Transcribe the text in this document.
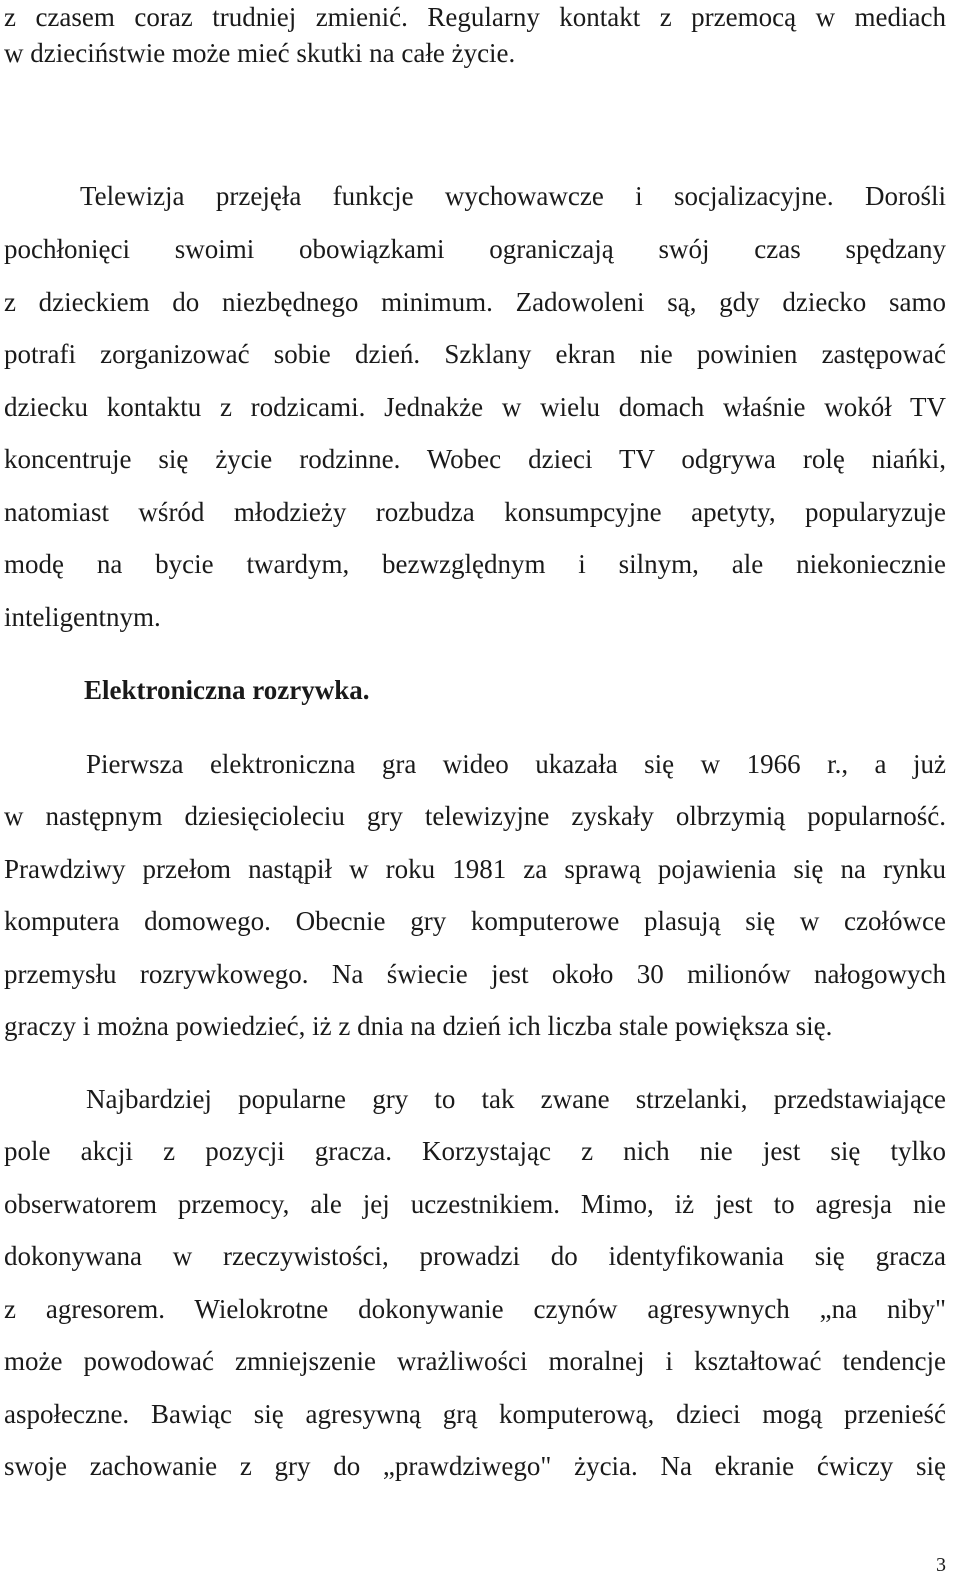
z czasem coraz trudniej zmienić. Regularny kontakt z przemocą w mediach
w dzieciństwie może mieć skutki na całe życie.
Telewizja przejęła funkcje wychowawcze i socjalizacyjne. Dorośli
pochłonięci swoimi obowiązkami ograniczają swój czas spędzany
z dzieckiem do niezbędnego minimum. Zadowoleni są, gdy dziecko samo
potrafi zorganizować sobie dzień. Szklany ekran nie powinien zastępować
dziecku kontaktu z rodzicami. Jednakże w wielu domach właśnie wokół TV
koncentruje się życie rodzinne. Wobec dzieci TV odgrywa rolę niańki,
natomiast wśród młodzieży rozbudza konsumpcyjne apetyty, popularyzuje
modę na bycie twardym, bezwzględnym i silnym, ale niekoniecznie
inteligentnym.
Elektroniczna rozrywka.
Pierwsza elektroniczna gra wideo ukazała się w 1966 r., a już
w następnym dziesięcioleciu gry telewizyjne zyskały olbrzymią popularność.
Prawdziwy przełom nastąpił w roku 1981 za sprawą pojawienia się na rynku
komputera domowego. Obecnie gry komputerowe plasują się w czołówce
przemysłu rozrywkowego. Na świecie jest około 30 milionów nałogowych
graczy i można powiedzieć, iż z dnia na dzień ich liczba stale powiększa się.
Najbardziej popularne gry to tak zwane strzelanki, przedstawiające
pole akcji z pozycji gracza. Korzystając z nich nie jest się tylko
obserwatorem przemocy, ale jej uczestnikiem. Mimo, iż jest to agresja nie
dokonywana w rzeczywistości, prowadzi do identyfikowania się gracza
z agresorem. Wielokrotne dokonywanie czynów agresywnych „na niby"
może powodować zmniejszenie wrażliwości moralnej i kształtować tendencje
aspołeczne. Bawiąc się agresywną grą komputerową, dzieci mogą przenieść
swoje zachowanie z gry do „prawdziwego" życia. Na ekranie ćwiczy się
3
